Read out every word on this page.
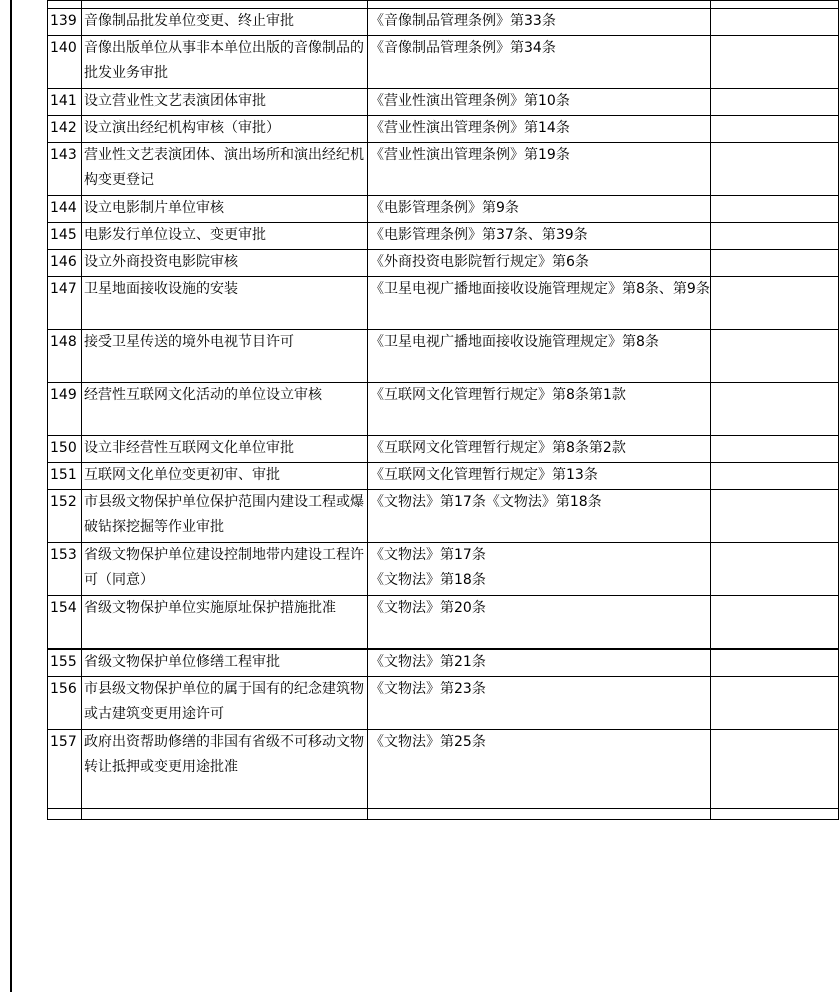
139	音像制品批发单位变更、终止审批	《音像制品管理条例》第33条	
140	音像出版单位从事非本单位出版的音像制品的批发业务审批	《音像制品管理条例》第34条	
141	设立营业性文艺表演团体审批	《营业性演出管理条例》第10条	
142	设立演出经纪机构审核（审批）	《营业性演出管理条例》第14条	
143	营业性文艺表演团体、演出场所和演出经纪机构变更登记	《营业性演出管理条例》第19条	
144	设立电影制片单位审核	《电影管理条例》第9条	
145	电影发行单位设立、变更审批	《电影管理条例》第37条、第39条	
146	设立外商投资电影院审核	《外商投资电影院暂行规定》第6条	
147	卫星地面接收设施的安装	《卫星电视广播地面接收设施管理规定》第8条、第9条	
148	接受卫星传送的境外电视节目许可	《卫星电视广播地面接收设施管理规定》第8条	
149	经营性互联网文化活动的单位设立审核	《互联网文化管理暂行规定》第8条第1款	
150	设立非经营性互联网文化单位审批	《互联网文化管理暂行规定》第8条第2款	
151	互联网文化单位变更初审、审批	《互联网文化管理暂行规定》第13条	
152	市县级文物保护单位保护范围内建设工程或爆破钻探挖掘等作业审批	《文物法》第17条《文物法》第18条	
153	省级文物保护单位建设控制地带内建设工程许可（同意）	《文物法》第17条
《文物法》第18条	
154	省级文物保护单位实施原址保护措施批准	《文物法》第20条	
155	省级文物保护单位修缮工程审批	《文物法》第21条	
156	市县级文物保护单位的属于国有的纪念建筑物或古建筑变更用途许可	《文物法》第23条	
157	政府出资帮助修缮的非国有省级不可移动文物转让抵押或变更用途批准	《文物法》第25条	
